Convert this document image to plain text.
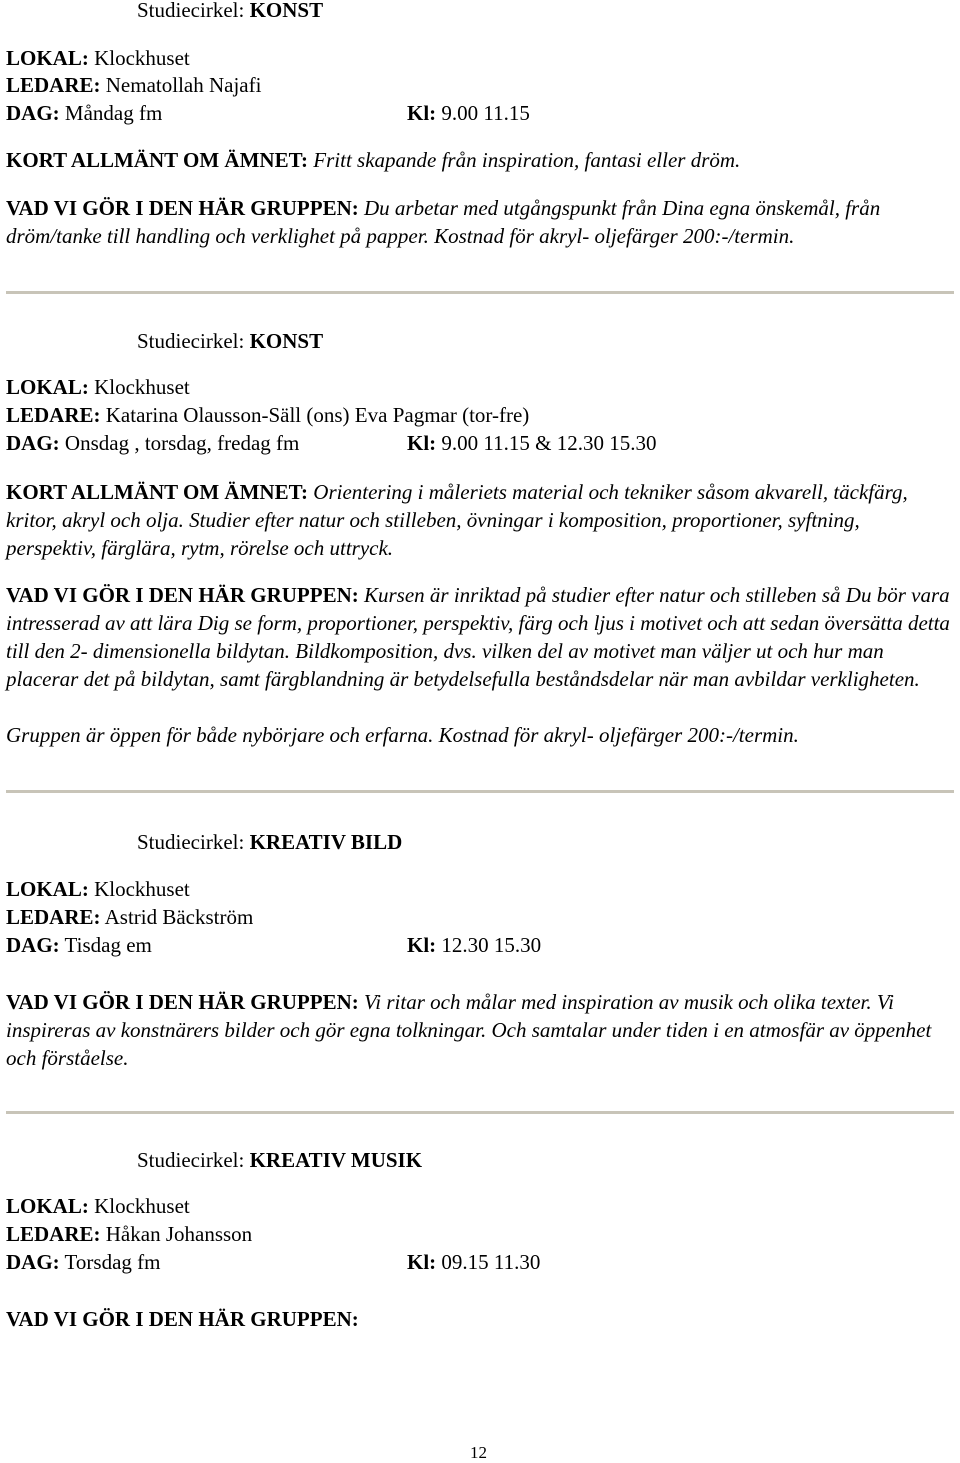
Studiecirkel: KONST
LOKAL: Klockhuset
LEDARE: Nematollah Najafi
DAG: Måndag fm	Kl: 9.00 11.15
KORT ALLMÄNT OM ÄMNET: Fritt skapande från inspiration, fantasi eller dröm.
VAD VI GÖR I DEN HÄR GRUPPEN: Du arbetar med utgångspunkt från Dina egna önskemål, från dröm/tanke till handling och verklighet på papper. Kostnad för akryl- oljefärger 200:-/termin.
Studiecirkel: KONST
LOKAL: Klockhuset
LEDARE: Katarina Olausson-Säll (ons) Eva Pagmar (tor-fre)
DAG: Onsdag , torsdag, fredag fm	Kl: 9.00 11.15 & 12.30 15.30
KORT ALLMÄNT OM ÄMNET: Orientering i måleriets material och tekniker såsom akvarell, täckfärg, kritor, akryl och olja. Studier efter natur och stilleben, övningar i komposition, proportioner, syftning, perspektiv, färglära, rytm, rörelse och uttryck.
VAD VI GÖR I DEN HÄR GRUPPEN: Kursen är inriktad på studier efter natur och stilleben så Du bör vara intresserad av att lära Dig se form, proportioner, perspektiv, färg och ljus i motivet och att sedan översätta detta till den 2- dimensionella bildytan. Bildkomposition, dvs. vilken del av motivet man väljer ut och hur man placerar det på bildytan, samt färgblandning är betydelsefulla beståndsdelar när man avbildar verkligheten.
Gruppen är öppen för både nybörjare och erfarna. Kostnad för akryl- oljefärger 200:-/termin.
Studiecirkel: KREATIV BILD
LOKAL: Klockhuset
LEDARE: Astrid Bäckström
DAG: Tisdag em	Kl: 12.30 15.30
VAD VI GÖR I DEN HÄR GRUPPEN: Vi ritar och målar med inspiration av musik och olika texter. Vi inspireras av konstnärers bilder och gör egna tolkningar. Och samtalar under tiden i en atmosfär av öppenhet och förståelse.
Studiecirkel: KREATIV MUSIK
LOKAL: Klockhuset
LEDARE: Håkan Johansson
DAG: Torsdag fm	Kl: 09.15 11.30
VAD VI GÖR I DEN HÄR GRUPPEN:
12
